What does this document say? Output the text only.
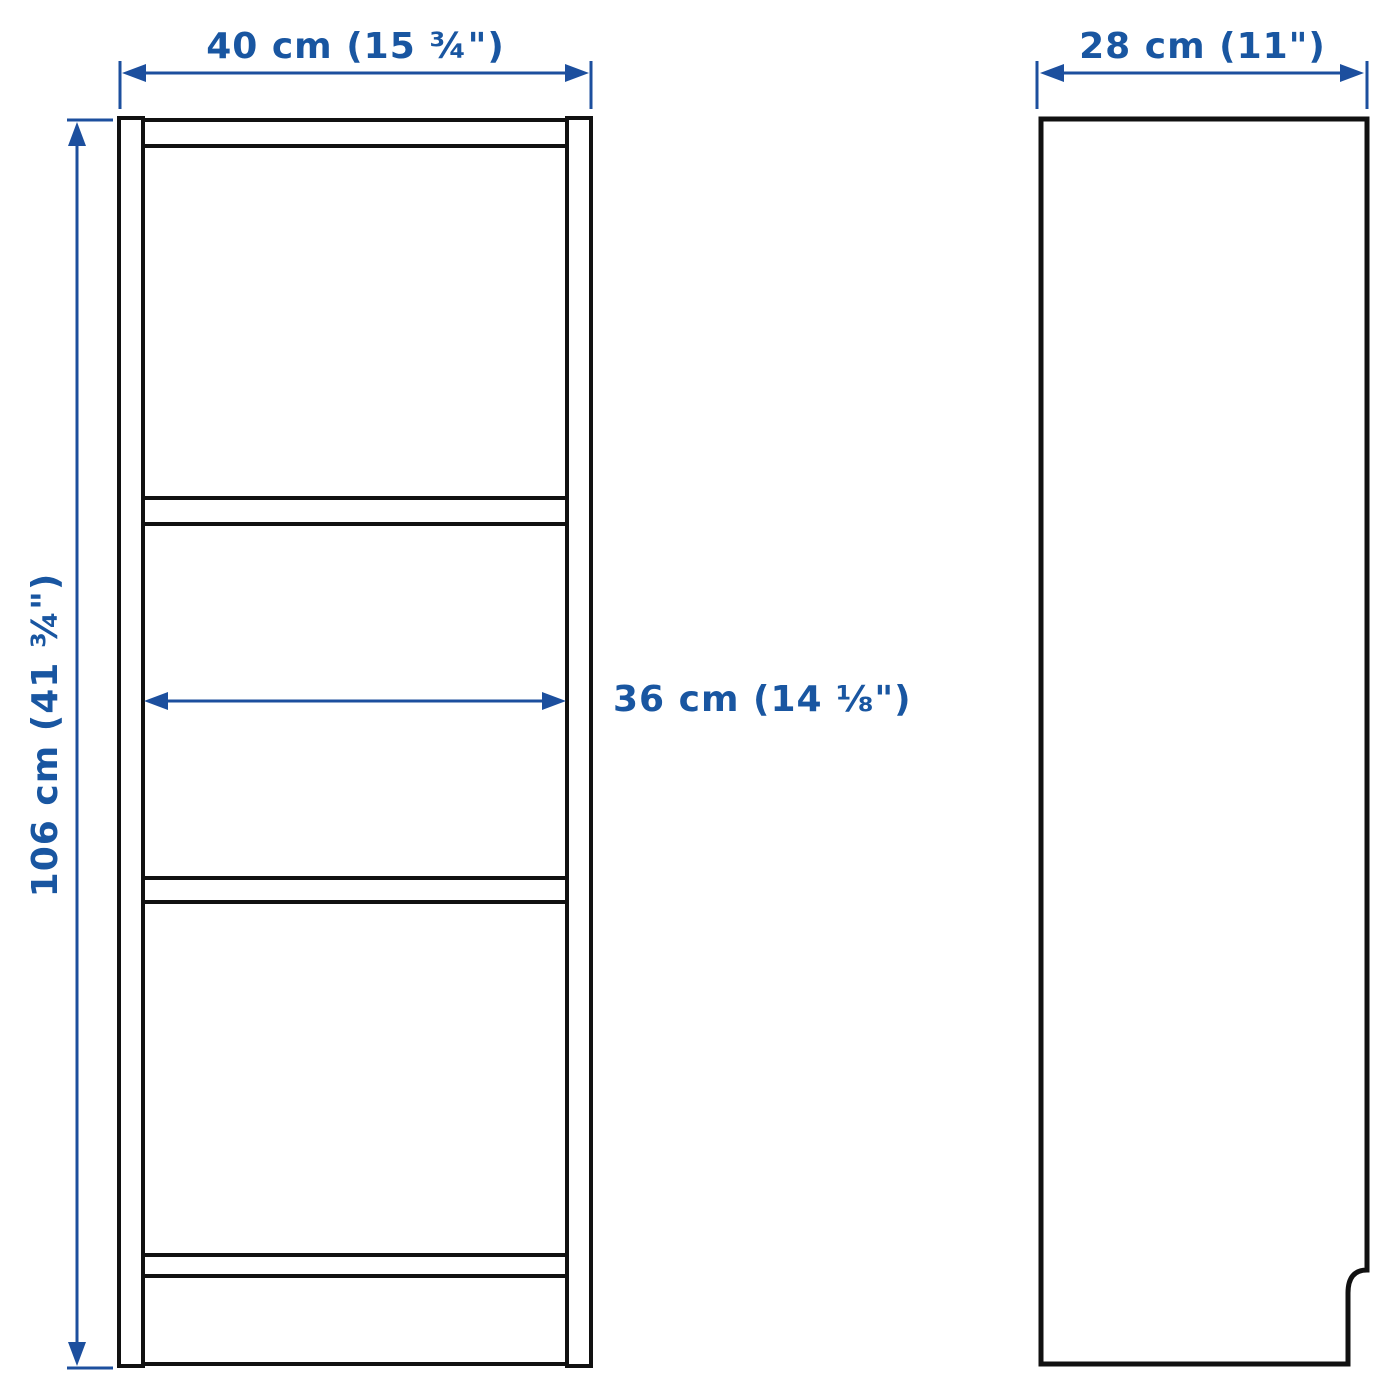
40 cm (15 ¾")	28 cm (11")
106 cm (41 ¾")	36 cm (14 ⅛")
